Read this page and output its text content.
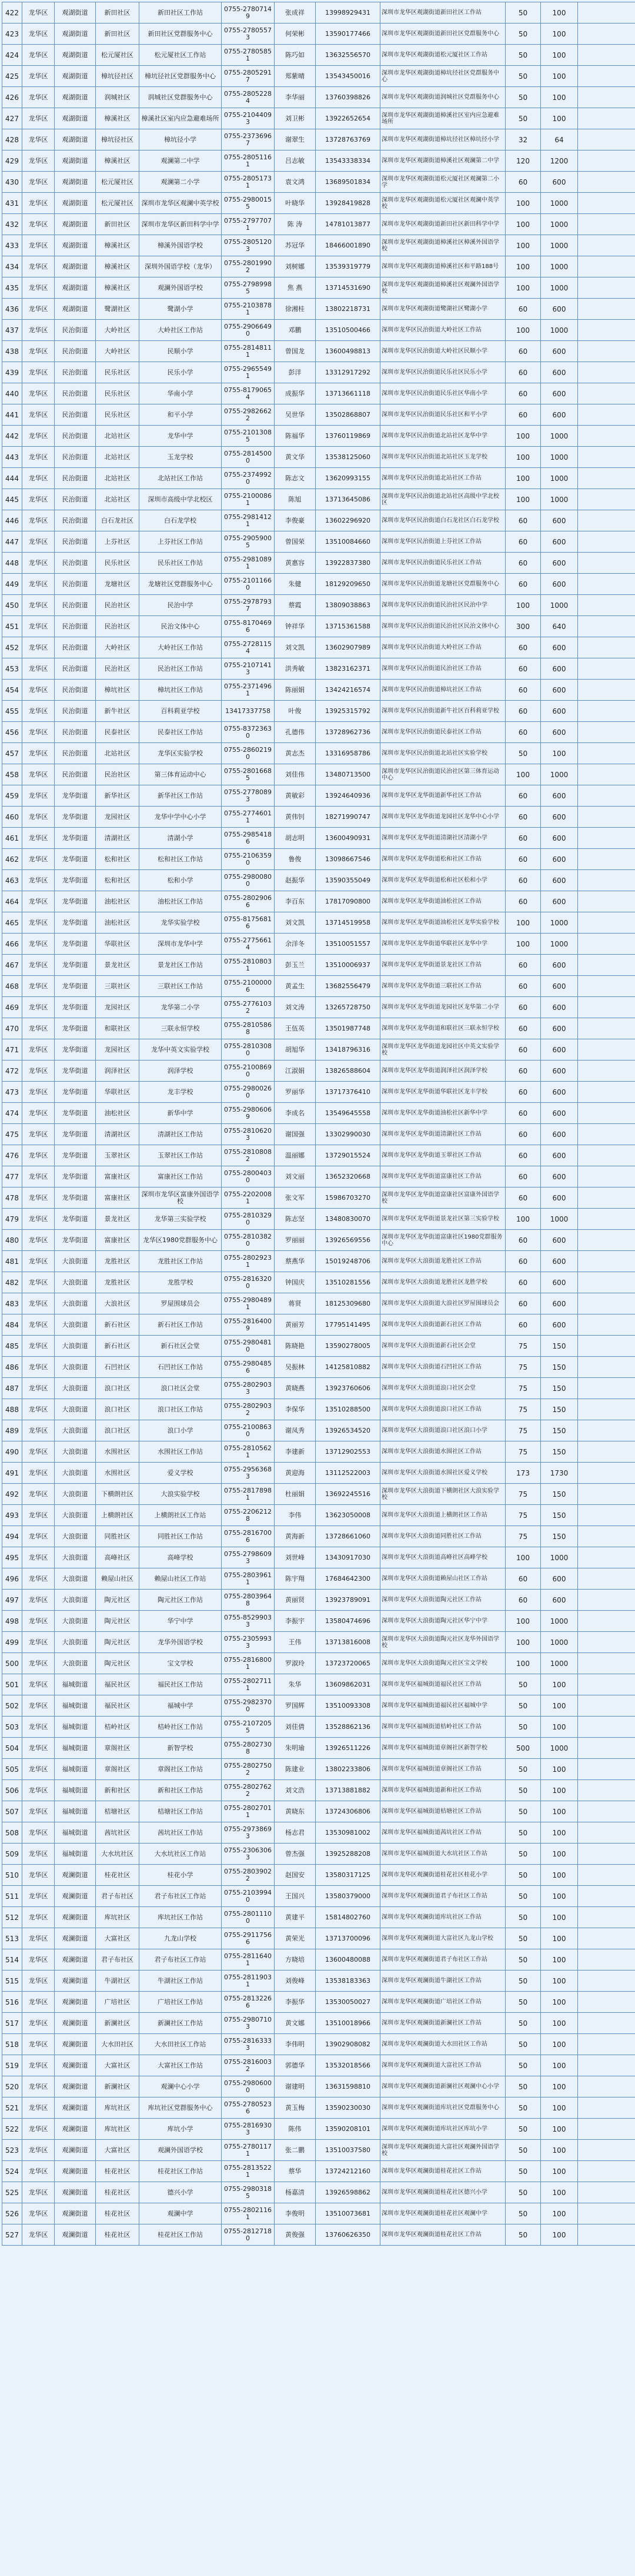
422	龙华区	观湖街道	新田社区	新田社区工作站	0755-27807149	张成祥	13998929431	深圳市龙华区观湖街道新田社区工作站	50	100	
423	龙华区	观湖街道	新田社区	新田社区党群服务中心	0755-27805573	何荣彬	13590177466	深圳市龙华区观湖街道新田社区党群服务中心	50	100	
424	龙华区	观湖街道	松元厦社区	松元厦社区工作站	0755-27805851	陈巧如	13632556570	深圳市龙华区观湖街道松元厦社区工作站	50	100	
425	龙华区	观湖街道	樟坑径社区	樟坑径社区党群服务中心	0755-28052917	郑紫晴	13543450016	深圳市龙华区观湖街道樟坑径社区党群服务中心	50	100	
426	龙华区	观湖街道	润城社区	润城社区党群服务中心	0755-28052284	李华丽	13760398826	深圳市龙华区观湖街道润城社区党群服务中心	50	100	
427	龙华区	观湖街道	樟溪社区	樟溪社区室内应急避难场所	0755-21044093	刘卫彬	13922652654	深圳市龙华区观湖街道樟溪社区室内应急避难场所	50	100	
428	龙华区	观湖街道	樟坑径社区	樟坑径小学	0755-23736967	谢翠生	13728763769	深圳市龙华区观湖街道樟坑径社区樟坑径小学	32	64	
429	龙华区	观湖街道	樟溪社区	观澜第二中学	0755-28051161	吕志敏	13543338334	深圳市龙华区观湖街道樟溪社区观澜第二中学	120	1200	
430	龙华区	观湖街道	松元厦社区	观澜第二小学	0755-28051731	袁文鸿	13689501834	深圳市龙华区观湖街道松元厦社区观澜第二小学	60	600	
431	龙华区	观湖街道	松元厦社区	深圳市龙华区观澜中英学校	0755-29800155	叶晓华	13928419828	深圳市龙华区观湖街道松元厦社区观澜中英学校	100	1000	
432	龙华区	观湖街道	新田社区	深圳市龙华区新田科学中学	0755-27977071	陈 涛	14781013877	深圳市龙华区观湖街道新田社区新田科学中学	100	1000	
433	龙华区	观湖街道	樟溪社区	樟溪外国语学校	0755-28051203	苏冠华	18466001890	深圳市龙华区观湖街道樟溪社区樟溪外国语学校	100	1000	
434	龙华区	观湖街道	樟溪社区	深圳外国语学校（龙华）	0755-28019902	刘树娜	13539319779	深圳市龙华区观湖街道樟溪社区和平路188号	100	1000	
435	龙华区	观湖街道	樟溪社区	观澜外国语学校	0755-27989985	焦 燕	13714531690	深圳市龙华区观湖街道樟溪社区观澜外国语学校	100	1000	
436	龙华区	观湖街道	鹭湖社区	鹭湖小学	0755-21038781	徐湘桂	13802218731	深圳市龙华区观湖街道鹭湖社区鹭湖小学	60	600	
437	龙华区	民治街道	大岭社区	大岭社区工作站	0755-29066490	邓鹏	13510500466	深圳市龙华区民治街道大岭社区工作站	100	1000	
438	龙华区	民治街道	大岭社区	民顺小学	0755-28148111	曾国龙	13600498813	深圳市龙华区民治街道大岭社区民顺小学	60	600	
439	龙华区	民治街道	民乐社区	民乐小学	0755-29655491	彭洋	13312917292	深圳市龙华区民治街道民乐社区民乐小学	60	600	
440	龙华区	民治街道	民乐社区	华南小学	0755-81790654	成振华	13713661118	深圳市龙华区民治街道民乐社区华南小学	60	600	
441	龙华区	民治街道	民乐社区	和平小学	0755-29826622	吴世华	13502868807	深圳市龙华区民治街道民乐社区和平小学	60	600	
442	龙华区	民治街道	北站社区	龙华中学	0755-21013085	陈福华	13760119869	深圳市龙华区民治街道北站社区龙华中学	100	1000	
443	龙华区	民治街道	北站社区	玉龙学校	0755-28145000	黄文华	13538125060	深圳市龙华区民治街道北站社区玉龙学校	100	1000	
444	龙华区	民治街道	北站社区	北站社区工作站	0755-23749920	陈志文	13620993155	深圳市龙华区民治街道北站社区工作站	100	1000	
445	龙华区	民治街道	北站社区	深圳市高级中学北校区	0755-21000861	陈旭	13713645086	深圳市龙华区民治街道北站社区高级中学北校区	100	1000	
446	龙华区	民治街道	白石龙社区	白石龙学校	0755-29814121	李俊豪	13602296920	深圳市龙华区民治街道白石龙社区白石龙学校	60	600	
447	龙华区	民治街道	上芬社区	上芬社区工作站	0755-29059005	曾国荣	13510084660	深圳市龙华区民治街道上芬社区工作站	60	600	
448	龙华区	民治街道	民乐社区	民乐社区工作站	0755-29810891	黄惠容	13922837380	深圳市龙华区民治街道民乐社区工作站	60	600	
449	龙华区	民治街道	龙塘社区	龙塘社区党群服务中心	0755-21011660	朱健	18129209650	深圳市龙华区民治街道龙塘社区党群服务中心	60	600	
450	龙华区	民治街道	民治社区	民治中学	0755-29787937	蔡霞	13809038863	深圳市龙华区民治街道民治社区民治中学	100	1000	
451	龙华区	民治街道	民治社区	民治文体中心	0755-81704696	钟祥华	13715361588	深圳市龙华区民治街道民治社区民治文体中心	300	640	
452	龙华区	民治街道	大岭社区	大岭社区工作站	0755-27281154	刘文凯	13602907989	深圳市龙华区民治街道大岭社区工作站	60	600	
453	龙华区	民治街道	民治社区	民治社区工作站	0755-21071413	洪秀敏	13823162371	深圳市龙华区民治街道民治社区工作站	60	600	
454	龙华区	民治街道	樟坑社区	樟坑社区工作站	0755-23714961	陈丽娟	13424216574	深圳市龙华区民治街道樟坑社区工作站	60	600	
455	龙华区	民治街道	新牛社区	百科莉亚学校	13417337758	叶俊	13925315792	深圳市龙华区民治街道新牛社区百科莉亚学校	60	600	
456	龙华区	民治街道	民泰社区	民泰社区工作站	0755-83723630	孔德伟	13728962736	深圳市龙华区民治街道民泰社区工作站	60	600	
457	龙华区	民治街道	北站社区	龙华区实验学校	0755-28602190	黄志杰	13316958786	深圳市龙华区民治街道北站社区实验学校	50	100	
458	龙华区	民治街道	民治社区	第三体育运动中心	0755-28016685	刘佳伟	13480713500	深圳市龙华区民治街道民治社区第三体育运动中心	100	1000	
459	龙华区	龙华街道	新华社区	新华社区工作站	0755-27780893	黄敏彩	13924640936	深圳市龙华区龙华街道新华社区工作站	60	600	
460	龙华区	龙华街道	龙园社区	龙华中学中心小学	0755-27746011	黄伟钊	18271990747	深圳市龙华区龙华街道龙园社区龙华中心小学	60	600	
461	龙华区	龙华街道	清湖社区	清湖小学	0755-29854186	胡志明	13600490931	深圳市龙华区龙华街道清湖社区清湖小学	60	600	
462	龙华区	龙华街道	松和社区	松和社区工作站	0755-21063590	鲁俊	13098667546	深圳市龙华区龙华街道松和社区工作站	60	600	
463	龙华区	龙华街道	松和社区	松和小学	0755-29800800	赵振华	13590355049	深圳市龙华区龙华街道松和社区松和小学	60	600	
464	龙华区	龙华街道	油松社区	油松社区工作站	0755-28029066	李百东	17817090800	深圳市龙华区龙华街道油松社区工作站	60	600	
465	龙华区	龙华街道	油松社区	龙华实验学校	0755-81756816	刘文凯	13714519958	深圳市龙华区龙华街道油松社区龙华实验学校	100	1000	
466	龙华区	龙华街道	华联社区	深圳市龙华中学	0755-27756614	余洋冬	13510051557	深圳市龙华区龙华街道华联社区龙华中学	100	1000	
467	龙华区	龙华街道	景龙社区	景龙社区工作站	0755-28108031	彭玉兰	13510006937	深圳市龙华区龙华街道景龙社区工作站	60	600	
468	龙华区	龙华街道	三联社区	三联社区工作站	0755-21000006	黄孟生	13682556479	深圳市龙华区龙华街道三联社区工作站	60	600	
469	龙华区	龙华街道	龙园社区	龙华第二小学	0755-27761032	刘文涛	13265728750	深圳市龙华区龙华街道龙园社区龙华第二小学	60	600	
470	龙华区	龙华街道	和联社区	三联永恒学校	0755-28105868	王伍英	13501987748	深圳市龙华区龙华街道和联社区三联永恒学校	60	600	
471	龙华区	龙华街道	龙园社区	龙华中英文实验学校	0755-28103080	胡旭华	13418796316	深圳市龙华区龙华街道龙园社区中英文实验学校	60	600	
472	龙华区	龙华街道	润泽社区	润泽学校	0755-21008690	江淑娟	13826588604	深圳市龙华区龙华街道润泽社区润泽学校	60	600	
473	龙华区	龙华街道	华联社区	龙丰学校	0755-29800260	罗丽华	13717376410	深圳市龙华区龙华街道华联社区龙丰学校	60	600	
474	龙华区	龙华街道	油松社区	新华中学	0755-29806069	李成名	13549645558	深圳市龙华区龙华街道油松社区新华中学	60	600	
475	龙华区	龙华街道	清湖社区	清湖社区工作站	0755-28106203	谢国强	13302990030	深圳市龙华区龙华街道清湖社区工作站	60	600	
476	龙华区	龙华街道	玉翠社区	玉翠社区工作站	0755-28108082	温丽娜	13729015524	深圳市龙华区龙华街道玉翠社区工作站	60	600	
477	龙华区	龙华街道	富康社区	富康社区工作站	0755-28004030	刘文丽	13652320668	深圳市龙华区龙华街道富康社区工作站	60	600	
478	龙华区	龙华街道	富康社区	深圳市龙华区富康外国语学校	0755-22020081	张文军	15986703270	深圳市龙华区龙华街道富康社区富康外国语学校	60	600	
479	龙华区	龙华街道	景龙社区	龙华第三实验学校	0755-28103290	陈志坚	13480830070	深圳市龙华区龙华街道景龙社区第三实验学校	100	1000	
480	龙华区	龙华街道	富康社区	龙华区1980党群服务中心	0755-28103820	罗丽丽	13926569556	深圳市龙华区龙华街道富康社区1980党群服务中心	60	600	
481	龙华区	大浪街道	龙胜社区	龙胜社区工作站	0755-28029231	蔡燕华	15019248706	深圳市龙华区大浪街道龙胜社区工作站	60	600	
482	龙华区	大浪街道	龙胜社区	龙胜学校	0755-28163200	钟国庆	13510281556	深圳市龙华区大浪街道龙胜社区龙胜学校	60	600	
483	龙华区	大浪街道	大浪社区	罗屋围球员会	0755-29804891	蒋贤	18125309680	深圳市龙华区大浪街道大浪社区罗屋围球员会	60	600	
484	龙华区	大浪街道	新石社区	新石社区工作站	0755-28164009	黄丽芳	17795141495	深圳市龙华区大浪街道新石社区工作站	60	600	
485	龙华区	大浪街道	新石社区	新石社区会堂	0755-29804810	陈晓艳	13590278005	深圳市龙华区大浪街道新石社区会堂	75	150	
486	龙华区	大浪街道	石凹社区	石凹社区工作站	0755-29804856	吴振林	14125810882	深圳市龙华区大浪街道石凹社区工作站	75	150	
487	龙华区	大浪街道	浪口社区	浪口社区会堂	0755-28029033	黄晓燕	13923760606	深圳市龙华区大浪街道浪口社区会堂	75	150	
488	龙华区	大浪街道	浪口社区	浪口社区工作站	0755-28029032	李保华	13510288500	深圳市龙华区大浪街道浪口社区工作站	75	150	
489	龙华区	大浪街道	浪口社区	浪口小学	0755-21008630	谢凤秀	13926534520	深圳市龙华区大浪街道浪口社区浪口小学	75	150	
490	龙华区	大浪街道	水围社区	水围社区工作站	0755-28105621	李建新	13712902553	深圳市龙华区大浪街道水围社区工作站	75	150	
491	龙华区	大浪街道	水围社区	爱义学校	0755-29563683	黄迎海	13112522003	深圳市龙华区大浪街道水围社区爱义学校	173	1730	
492	龙华区	大浪街道	下横朗社区	大浪实验学校	0755-28178981	杜丽娟	13692245516	深圳市龙华区大浪街道下横朗社区大浪实验学校	75	150	
493	龙华区	大浪街道	上横朗社区	上横朗社区工作站	0755-22062128	李伟	13623050008	深圳市龙华区大浪街道上横朗社区工作站	75	150	
494	龙华区	大浪街道	同胜社区	同胜社区工作站	0755-28167006	黄海新	13728661060	深圳市龙华区大浪街道同胜社区工作站	75	150	
495	龙华区	大浪街道	高峰社区	高峰学校	0755-27986093	刘世峰	13430917030	深圳市龙华区大浪街道高峰社区高峰学校	100	1000	
496	龙华区	大浪街道	赖屋山社区	赖屋山社区工作站	0755-28039611	陈宇翔	17684642300	深圳市龙华区大浪街道赖屋山社区工作站	60	600	
497	龙华区	大浪街道	陶元社区	陶元社区工作站	0755-28039648	黄丽贤	13923789091	深圳市龙华区大浪街道陶元社区工作站	60	600	
498	龙华区	大浪街道	陶元社区	华宁中学	0755-85299033	李振宇	13580474696	深圳市龙华区大浪街道陶元社区华宁中学	100	1000	
499	龙华区	大浪街道	陶元社区	龙华外国语学校	0755-23059933	王伟	13713816008	深圳市龙华区大浪街道陶元社区龙华外国语学校	100	1000	
500	龙华区	大浪街道	陶元社区	宝文学校	0755-28168001	罗淑玲	13723720065	深圳市龙华区大浪街道陶元社区宝文学校	100	1000	
501	龙华区	福城街道	福民社区	福民社区工作站	0755-28027111	朱华	13609862031	深圳市龙华区福城街道福民社区工作站	50	100	
502	龙华区	福城街道	福民社区	福城中学	0755-29823700	罗国辉	13510093308	深圳市龙华区福城街道福民社区福城中学	50	100	
503	龙华区	福城街道	桔岭社区	桔岭社区工作站	0755-21072055	刘佳倩	13528862136	深圳市龙华区福城街道桔岭社区工作站	50	100	
504	龙华区	福城街道	章阁社区	新智学校	0755-28027308	朱明瑜	13926511226	深圳市龙华区福城街道章阁社区新智学校	500	1000	
505	龙华区	福城街道	章阁社区	章阁社区工作站	0755-28027502	陈建业	13802233806	深圳市龙华区福城街道章阁社区工作站	50	100	
506	龙华区	福城街道	新和社区	新和社区工作站	0755-28027622	刘文浩	13713881882	深圳市龙华区福城街道新和社区工作站	50	100	
507	龙华区	福城街道	桔塘社区	桔塘社区工作站	0755-28027011	黄晓东	13724306806	深圳市龙华区福城街道桔塘社区工作站	50	100	
508	龙华区	福城街道	茜坑社区	茜坑社区工作站	0755-29738693	杨志君	13530981002	深圳市龙华区福城街道茜坑社区工作站	50	100	
509	龙华区	福城街道	大水坑社区	大水坑社区工作站	0755-23063063	曾杰强	13925288208	深圳市龙华区福城街道大水坑社区工作站	50	100	
510	龙华区	观澜街道	桂花社区	桂花小学	0755-28039022	赵国安	13580317125	深圳市龙华区观澜街道桂花社区桂花小学	50	100	
511	龙华区	观澜街道	君子布社区	君子布社区工作站	0755-21039940	王国兴	13580379000	深圳市龙华区观澜街道君子布社区工作站	50	100	
512	龙华区	观澜街道	库坑社区	库坑社区工作站	0755-28011100	黄建平	15814802760	深圳市龙华区观澜街道库坑社区工作站	50	100	
513	龙华区	观澜街道	大富社区	九龙山学校	0755-29117566	黄荣光	13713700096	深圳市龙华区观澜街道大富社区九龙山学校	50	100	
514	龙华区	观澜街道	君子布社区	君子布社区工作站	0755-28116401	方晓培	13600480088	深圳市龙华区观澜街道君子布社区工作站	50	100	
515	龙华区	观澜街道	牛湖社区	牛湖社区工作站	0755-28119031	刘俊峰	13538183363	深圳市龙华区观澜街道牛湖社区工作站	50	100	
516	龙华区	观澜街道	广培社区	广培社区工作站	0755-28132266	李振华	13530050027	深圳市龙华区观澜街道广培社区工作站	50	100	
517	龙华区	观澜街道	新澜社区	新澜社区工作站	0755-29807103	黄文娜	13510018966	深圳市龙华区观澜街道新澜社区工作站	50	100	
518	龙华区	观澜街道	大水田社区	大水田社区工作站	0755-28163333	李伟明	13902908082	深圳市龙华区观澜街道大水田社区工作站	50	100	
519	龙华区	观澜街道	大富社区	大富社区工作站	0755-28160032	郭德华	13532018566	深圳市龙华区观澜街道大富社区工作站	50	100	
520	龙华区	观澜街道	新澜社区	观澜中心小学	0755-29806000	谢建明	13631598810	深圳市龙华区观澜街道新澜社区观澜中心小学	50	100	
521	龙华区	观澜街道	库坑社区	库坑社区党群服务中心	0755-27805236	黄玉梅	13590230030	深圳市龙华区观澜街道库坑社区党群服务中心	50	100	
522	龙华区	观澜街道	库坑社区	库坑小学	0755-28169303	陈伟	13590208101	深圳市龙华区观澜街道库坑社区库坑小学	50	100	
523	龙华区	观澜街道	大富社区	观澜外国语学校	0755-27801171	张二鹏	13510037580	深圳市龙华区观澜街道大富社区观澜外国语学校	50	100	
524	龙华区	观澜街道	桂花社区	桂花社区工作站	0755-28135221	蔡华	13724212160	深圳市龙华区观澜街道桂花社区工作站	50	100	
525	龙华区	观澜街道	桂花社区	德兴小学	0755-29803185	杨嘉清	13926598862	深圳市龙华区观澜街道桂花社区德兴小学	50	100	
526	龙华区	观澜街道	桂花社区	观澜中学	0755-28021161	李俊明	13510073681	深圳市龙华区观澜街道桂花社区观澜中学	50	100	
527	龙华区	观澜街道	桂花社区	桂花社区工作站	0755-28127180	黄俊强	13760626350	深圳市龙华区观澜街道桂花社区工作站	50	100	
